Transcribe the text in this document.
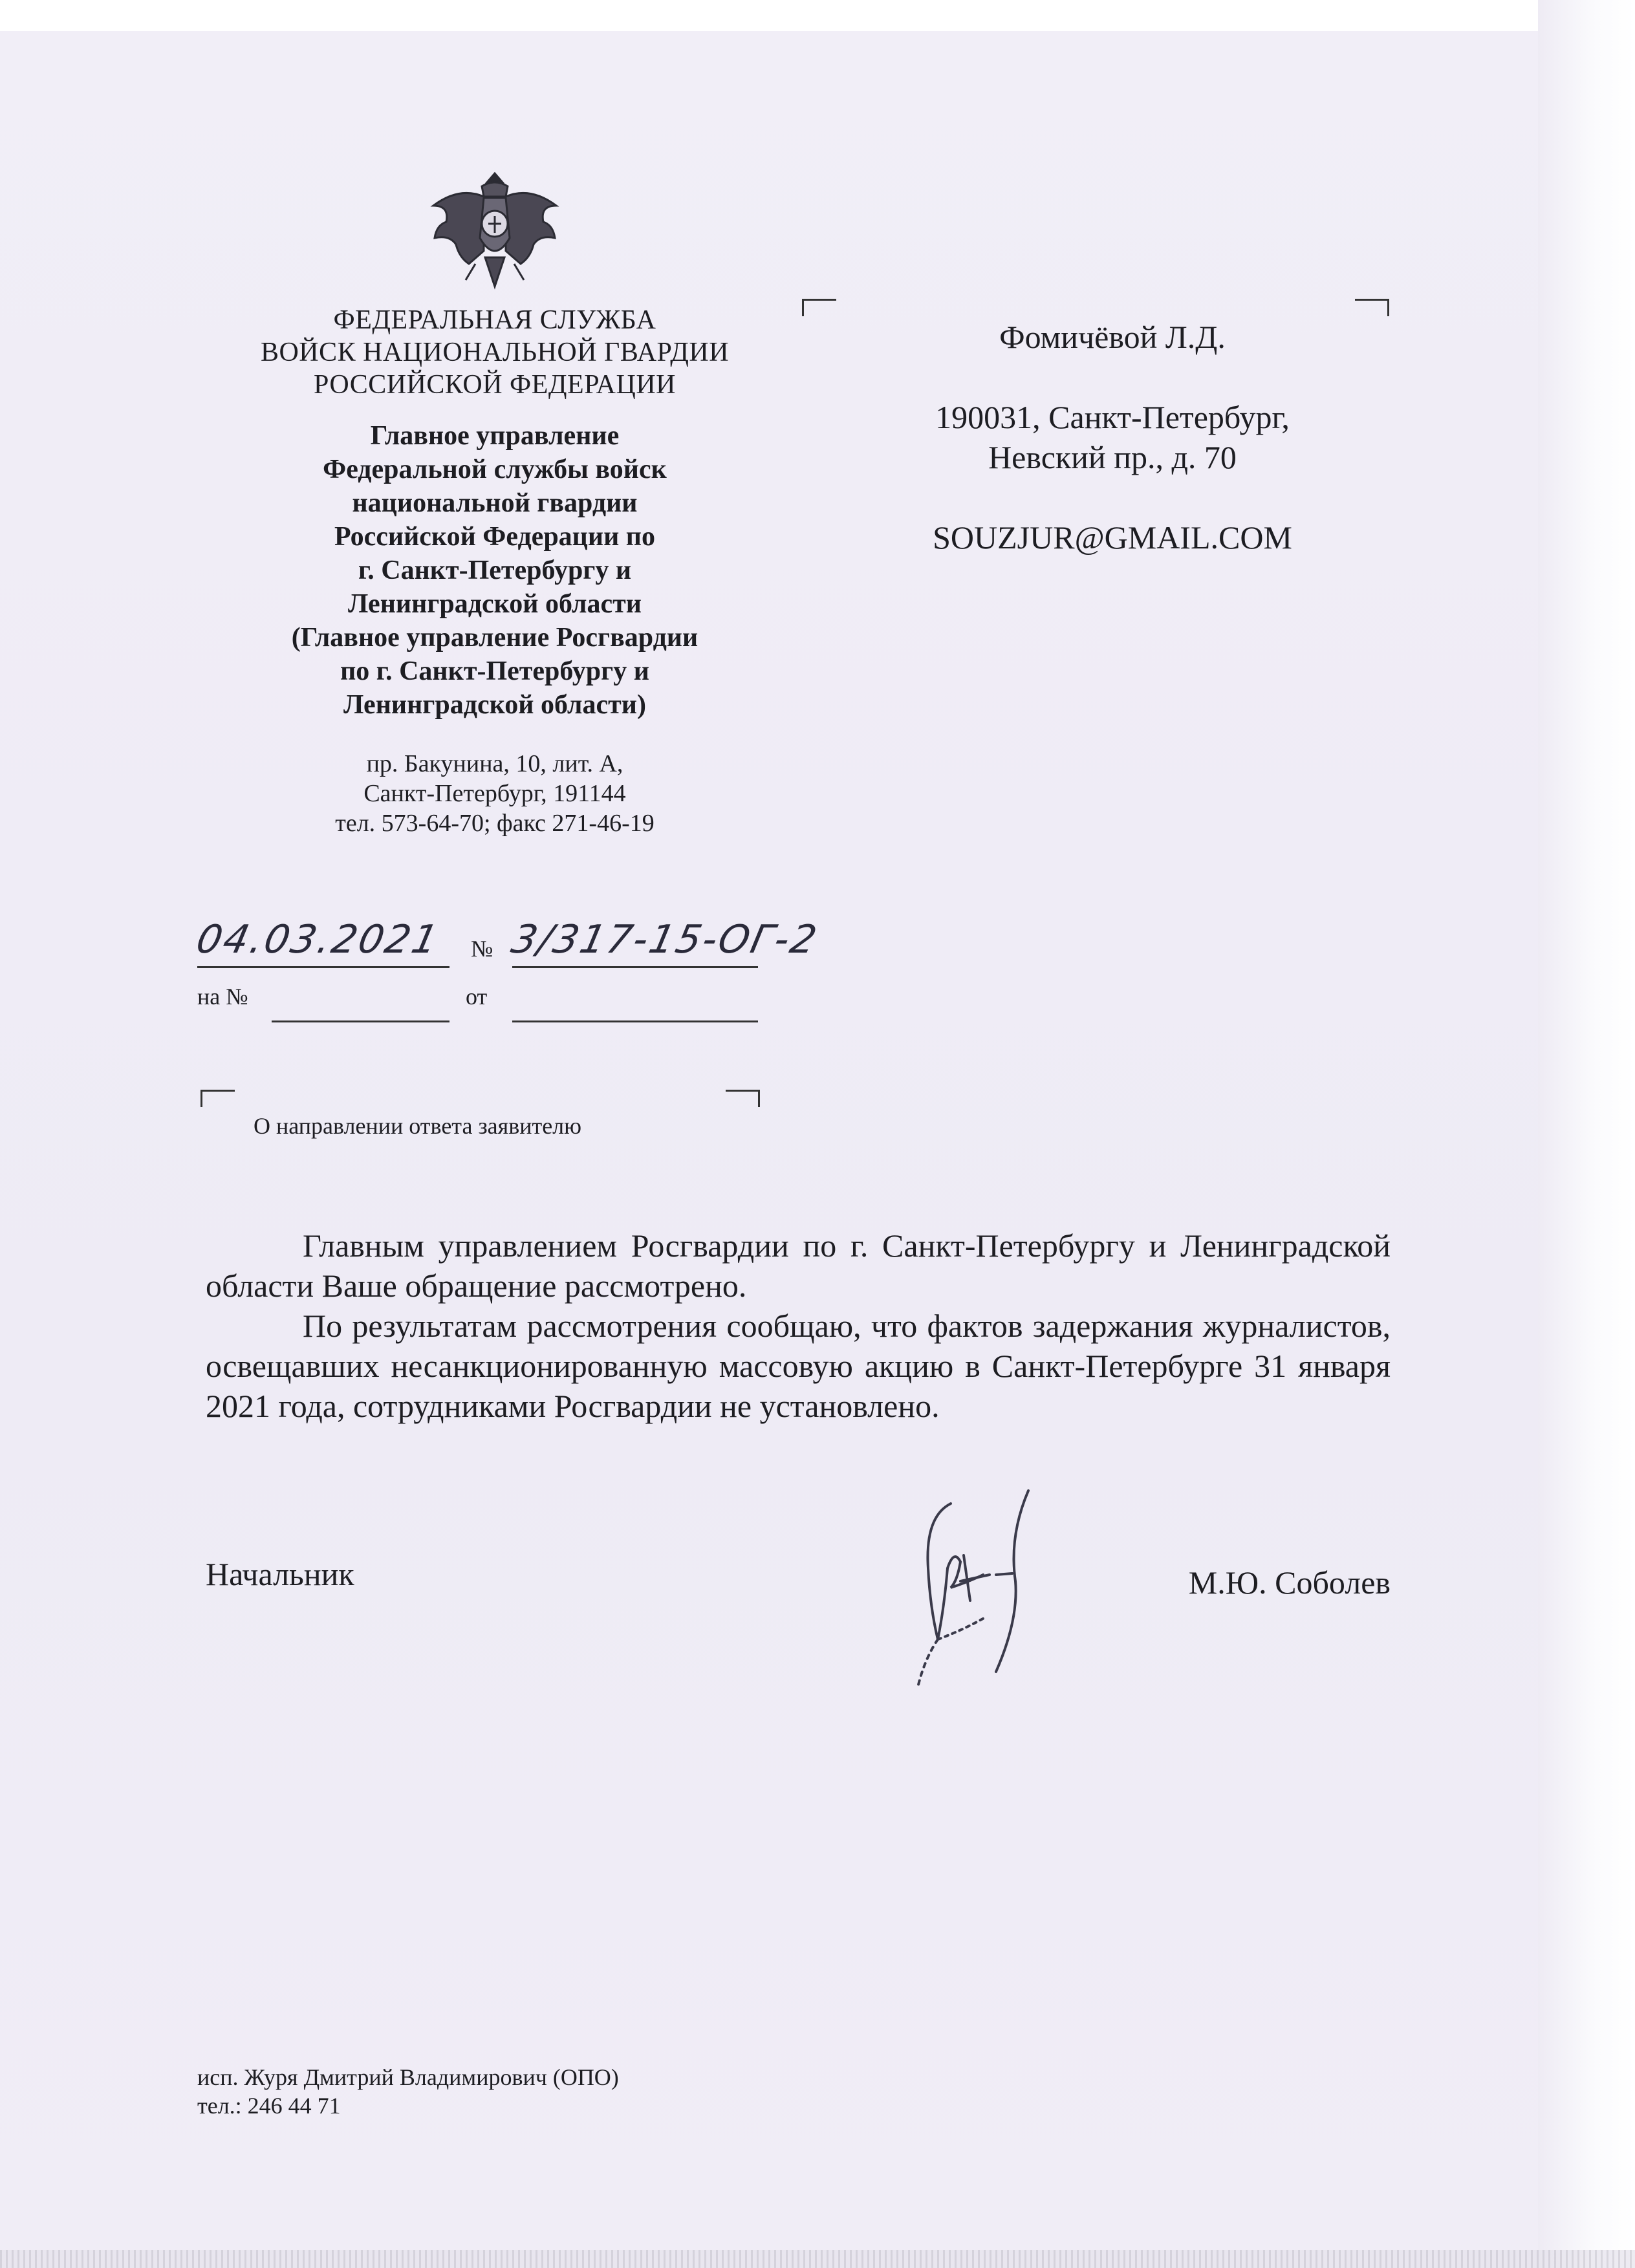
ФЕДЕРАЛЬНАЯ СЛУЖБА
ВОЙСК НАЦИОНАЛЬНОЙ ГВАРДИИ
РОССИЙСКОЙ ФЕДЕРАЦИИ
Главное управление
Федеральной службы войск
национальной гвардии
Российской Федерации по
г. Санкт-Петербургу и
Ленинградской области
(Главное управление Росгвардии
по г. Санкт-Петербургу и
Ленинградской области)
пр. Бакунина, 10, лит. А,
Санкт-Петербург, 191144
тел. 573-64-70; факс 271-46-19
Фомичёвой Л.Д.
190031, Санкт-Петербург,
Невский пр., д. 70
SOUZJUR@GMAIL.COM
04.03.2021 № 3/317-15-ОГ-2
на №	от
О направлении ответа заявителю

Главным управлением Росгвардии по г. Санкт-Петербургу и Ленинградской области Ваше обращение рассмотрено.

По результатам рассмотрения сообщаю, что фактов задержания журналистов, освещавших несанкционированную массовую акцию в Санкт-Петербурге 31 января 2021 года, сотрудниками Росгвардии не установлено.

Начальник	М.Ю. Соболев
исп. Журя Дмитрий Владимирович (ОПО)
тел.: 246 44 71
